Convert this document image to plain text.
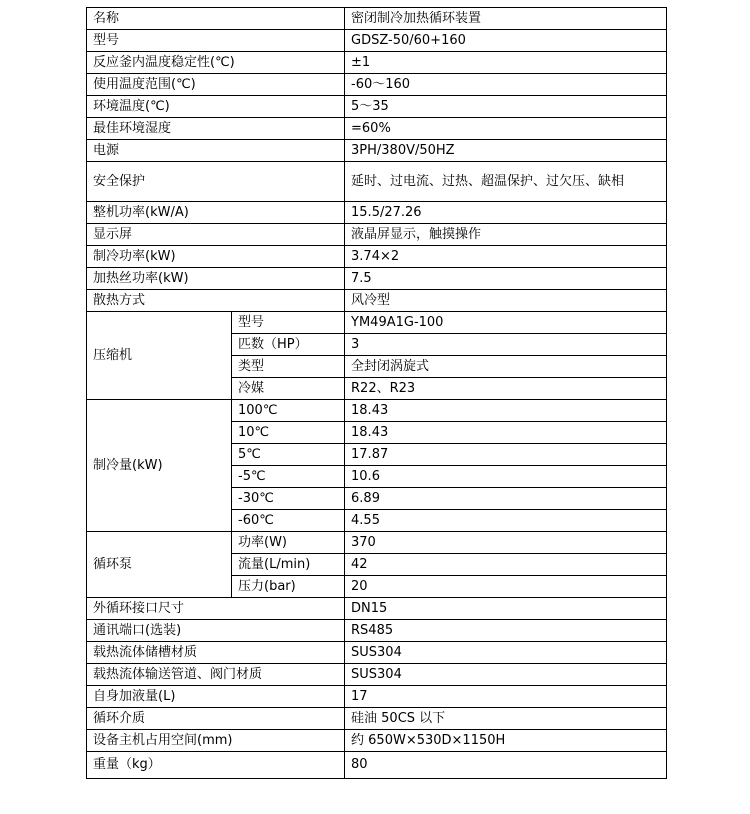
名称		密闭制冷加热循环装置
型号		GDSZ-50/60+160
反应釜内温度稳定性(℃)		±1
使用温度范围(℃)		-60～160
环境温度(℃)		5～35
最佳环境湿度		=60%
电源		3PH/380V/50HZ
安全保护		延时、过电流、过热、超温保护、过欠压、缺相
整机功率(kW/A)		15.5/27.26
显示屏		液晶屏显示，触摸操作
制冷功率(kW)		3.74×2
加热丝功率(kW)		7.5
散热方式		风冷型
压缩机	型号	YM49A1G-100
	匹数（HP）	3
	类型	全封闭涡旋式
	冷媒	R22、R23
制冷量(kW)	100℃	18.43
	10℃	18.43
	5℃	17.87
	-5℃	10.6
	-30℃	6.89
	-60℃	4.55
循环泵	功率(W)	370
	流量(L/min)	42
	压力(bar)	20
外循环接口尺寸		DN15
通讯端口(选装)		RS485
载热流体储槽材质		SUS304
载热流体输送管道、阀门材质		SUS304
自身加液量(L)		17
循环介质		硅油 50CS 以下
设备主机占用空间(mm)		约 650W×530D×1150H
重量（kg）		80
